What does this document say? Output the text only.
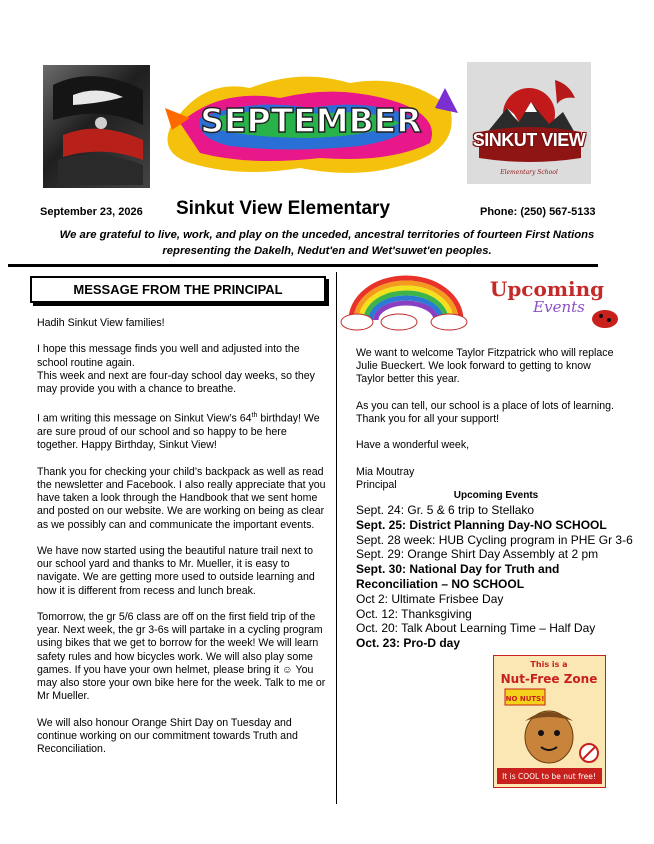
SEPTEMBER
Elementary School
SINKUT VIEW
September 23, 2026 Sinkut View Elementary	Phone: (250) 567-5133
We are grateful to live, work, and play on the unceded, ancestral territories of fourteen First Nations
representing the Dakelh, Nedut'en and Wet'suwet'en peoples.
MESSAGE FROM THE PRINCIPAL

Hadih Sinkut View families!

I hope this message finds you well and adjusted into the school routine again.
This week and next are four-day school day weeks, so they may provide you with a chance to breathe.

I am writing this message on Sinkut View’s 64th birthday! We are sure proud of our school and so happy to be here together. Happy Birthday, Sinkut View!

Thank you for checking your child’s backpack as well as read the newsletter and Facebook. I also really appreciate that you have taken a look through the Handbook that we sent home and posted on our website. We are working on being as clear as we possibly can and communicate the important events.

We have now started using the beautiful nature trail next to our school yard and thanks to Mr. Mueller, it is easy to navigate. We are getting more used to outside learning and how it is different from recess and lunch break.

Tomorrow, the gr 5/6 class are off on the first field trip of the year. Next week, the gr 3-6s will partake in a cycling program using bikes that we get to borrow for the week! We will learn safety rules and how bicycles work. We will also play some games. If you have your own helmet, please bring it ☺ You may also store your own bike here for the week. Talk to me or Mr Mueller.

We will also honour Orange Shirt Day on Tuesday and continue working on our commitment towards Truth and Reconciliation.

Upcoming
Events

We want to welcome Taylor Fitzpatrick who will replace Julie Bueckert. We look forward to getting to know Taylor better this year.

As you can tell, our school is a place of lots of learning. Thank you for all your support!

Have a wonderful week,

Mia Moutray

Principal

Upcoming Events
Sept. 24: Gr. 5 & 6 trip to Stellako
Sept. 25: District Planning Day-NO SCHOOL
Sept. 28 week: HUB Cycling program in PHE Gr 3-6
Sept. 29: Orange Shirt Day Assembly at 2 pm
Sept. 30: National Day for Truth and Reconciliation – NO SCHOOL
Oct 2: Ultimate Frisbee Day
Oct. 12: Thanksgiving
Oct. 20: Talk About Learning Time – Half Day
Oct. 23: Pro-D day
This is a
Nut-Free Zone
NO NUTS!
It is COOL to be nut free!
